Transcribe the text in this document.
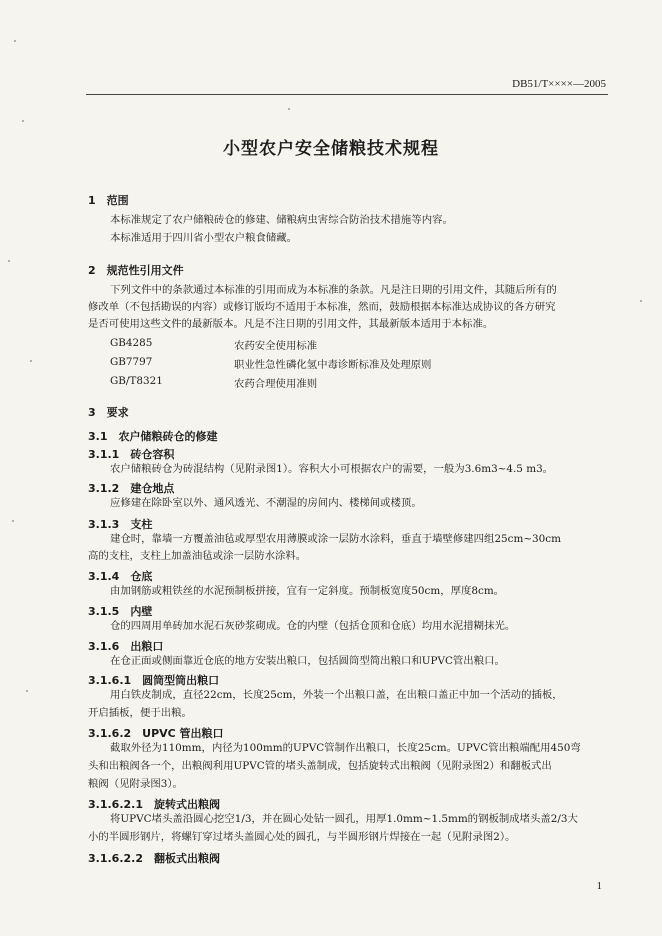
DB51/T××××—2005
小型农户安全储粮技术规程
1　范围
本标准规定了农户储粮砖仓的修建、储粮病虫害综合防治技术措施等内容。
本标准适用于四川省小型农户粮食储藏。
2　规范性引用文件
下列文件中的条款通过本标准的引用而成为本标准的条款。凡是注日期的引用文件，其随后所有的
修改单（不包括勘误的内容）或修订版均不适用于本标准，然而，鼓励根据本标准达成协议的各方研究
是否可使用这些文件的最新版本。凡是不注日期的引用文件，其最新版本适用于本标准。
GB4285	农药安全使用标准
GB7797	职业性急性磷化氢中毒诊断标准及处理原则
GB/T8321	农药合理使用准则
3　要求
3.1　农户储粮砖仓的修建
3.1.1　砖仓容积
农户储粮砖仓为砖混结构（见附录图1）。容积大小可根据农户的需要，一般为3.6m3~4.5 m3。
3.1.2　建仓地点
应修建在除卧室以外、通风透光、不潮湿的房间内、楼梯间或楼顶。
3.1.3　支柱
建仓时，靠墙一方覆盖油毡或厚型农用薄膜或涂一层防水涂料，垂直于墙壁修建四组25cm~30cm
高的支柱，支柱上加盖油毡或涂一层防水涂料。
3.1.4　仓底
由加钢筋或粗铁丝的水泥预制板拼接，宜有一定斜度。预制板宽度50cm，厚度8cm。
3.1.5　内壁
仓的四周用单砖加水泥石灰砂浆砌成。仓的内壁（包括仓顶和仓底）均用水泥措糊抹光。
3.1.6　出粮口
在仓正面或侧面靠近仓底的地方安装出粮口，包括圆筒型简出粮口和UPVC管出粮口。
3.1.6.1　圆筒型筒出粮口
用白铁皮制成，直径22cm，长度25cm，外装一个出粮口盖，在出粮口盖正中加一个活动的插板，
开启插板，便于出粮。
3.1.6.2　UPVC 管出粮口
截取外径为110mm，内径为100mm的UPVC管制作出粮口，长度25cm。UPVC管出粮端配用450弯
头和出粮阀各一个，出粮阀利用UPVC管的堵头盖制成，包括旋转式出粮阀（见附录图2）和翻板式出
粮阀（见附录图3）。
3.1.6.2.1　旋转式出粮阀
将UPVC堵头盖沿圆心挖空1/3，并在圆心处钻一圆孔，用厚1.0mm~1.5mm的钢板制成堵头盖2/3大
小的半圆形钢片，将螺钉穿过堵头盖圆心处的圆孔，与半圆形钢片焊接在一起（见附录图2）。
3.1.6.2.2　翻板式出粮阀
1
